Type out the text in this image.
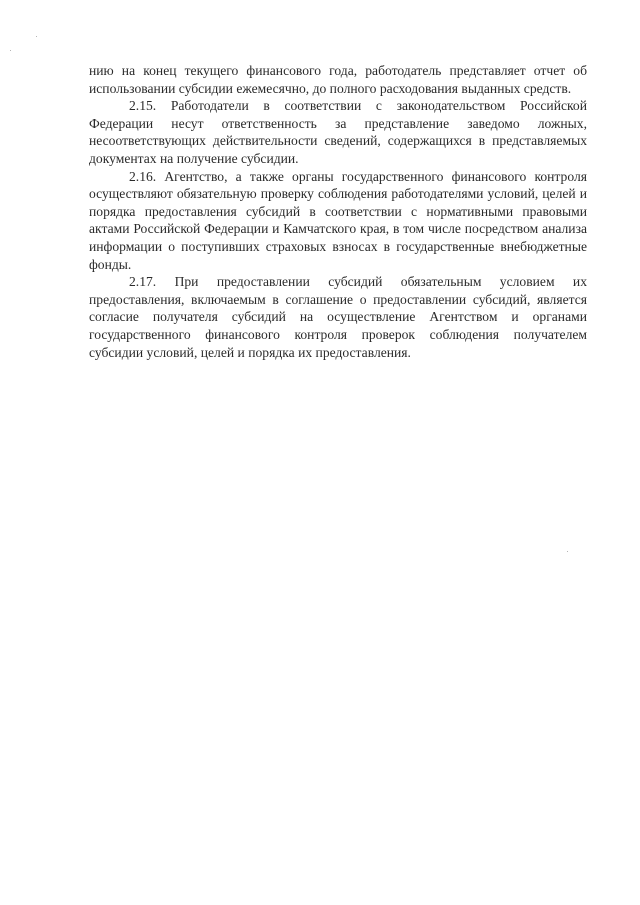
нию на конец текущего финансового года, работодатель представляет отчет об использовании субсидии ежемесячно, до полного расходования выданных средств.

2.15. Работодатели в соответствии с законодательством Российской Федерации несут ответственность за представление заведомо ложных, несоответствующих действительности сведений, содержащихся в представляемых документах на получение субсидии.

2.16. Агентство, а также органы государственного финансового контроля осуществляют обязательную проверку соблюдения работодателями условий, целей и порядка предоставления субсидий в соответствии с нормативными правовыми актами Российской Федерации и Камчатского края, в том числе посредством анализа информации о поступивших страховых взносах в государственные внебюджетные фонды.

2.17. При предоставлении субсидий обязательным условием их предоставления, включаемым в соглашение о предоставлении субсидий, является согласие получателя субсидий на осуществление Агентством и органами государственного финансового контроля проверок соблюдения получателем субсидии условий, целей и порядка их предоставления.
